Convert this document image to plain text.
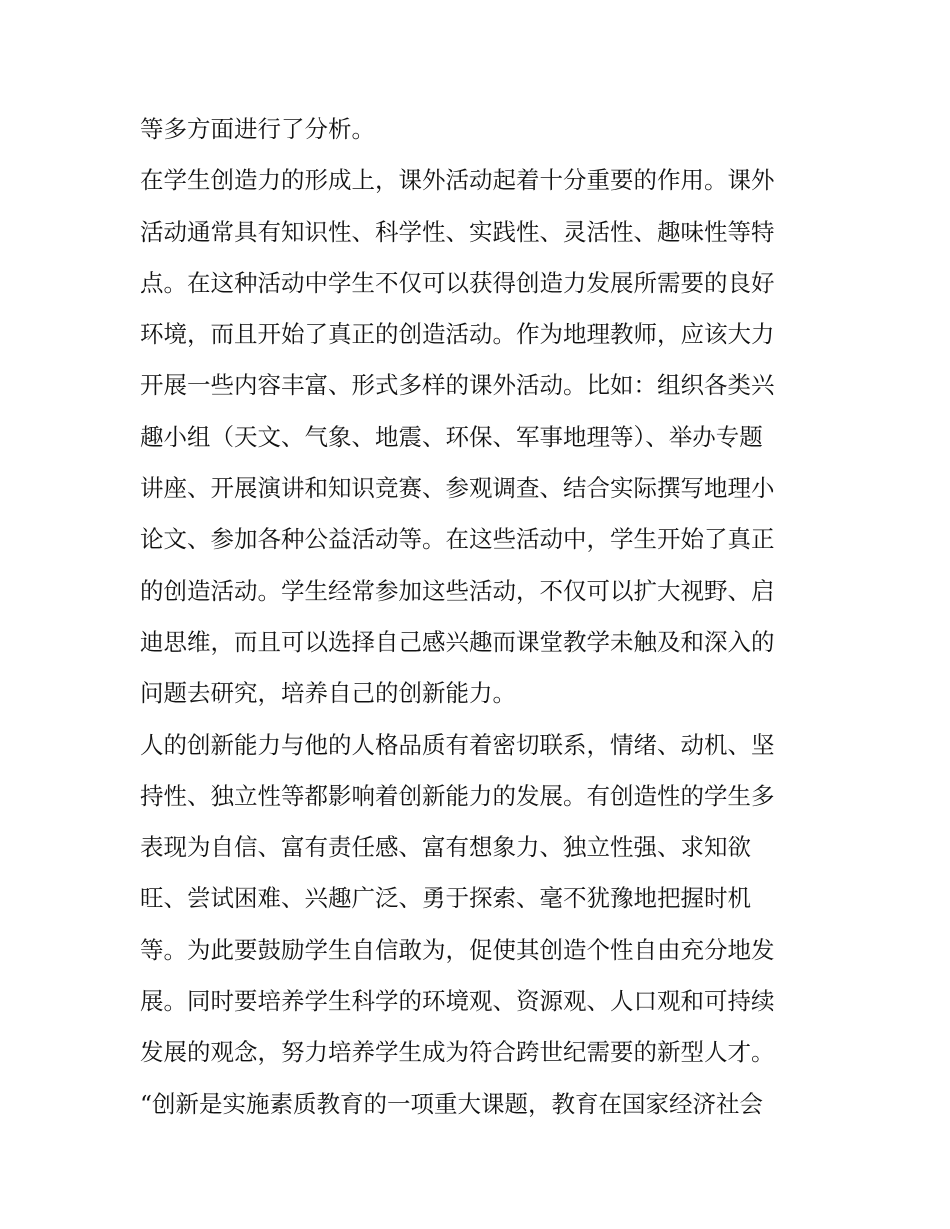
等多方面进行了分析。
在学生创造力的形成上，课外活动起着十分重要的作用。课外
活动通常具有知识性、科学性、实践性、灵活性、趣味性等特
点。在这种活动中学生不仅可以获得创造力发展所需要的良好
环境，而且开始了真正的创造活动。作为地理教师，应该大力
开展一些内容丰富、形式多样的课外活动。比如：组织各类兴
趣小组（天文、气象、地震、环保、军事地理等）、举办专题
讲座、开展演讲和知识竞赛、参观调查、结合实际撰写地理小
论文、参加各种公益活动等。在这些活动中，学生开始了真正
的创造活动。学生经常参加这些活动，不仅可以扩大视野、启
迪思维，而且可以选择自己感兴趣而课堂教学未触及和深入的
问题去研究，培养自己的创新能力。
人的创新能力与他的人格品质有着密切联系，情绪、动机、坚
持性、独立性等都影响着创新能力的发展。有创造性的学生多
表现为自信、富有责任感、富有想象力、独立性强、求知欲
旺、尝试困难、兴趣广泛、勇于探索、毫不犹豫地把握时机
等。为此要鼓励学生自信敢为，促使其创造个性自由充分地发
展。同时要培养学生科学的环境观、资源观、人口观和可持续
发展的观念，努力培养学生成为符合跨世纪需要的新型人才。
“创新是实施素质教育的一项重大课题，教育在国家经济社会
